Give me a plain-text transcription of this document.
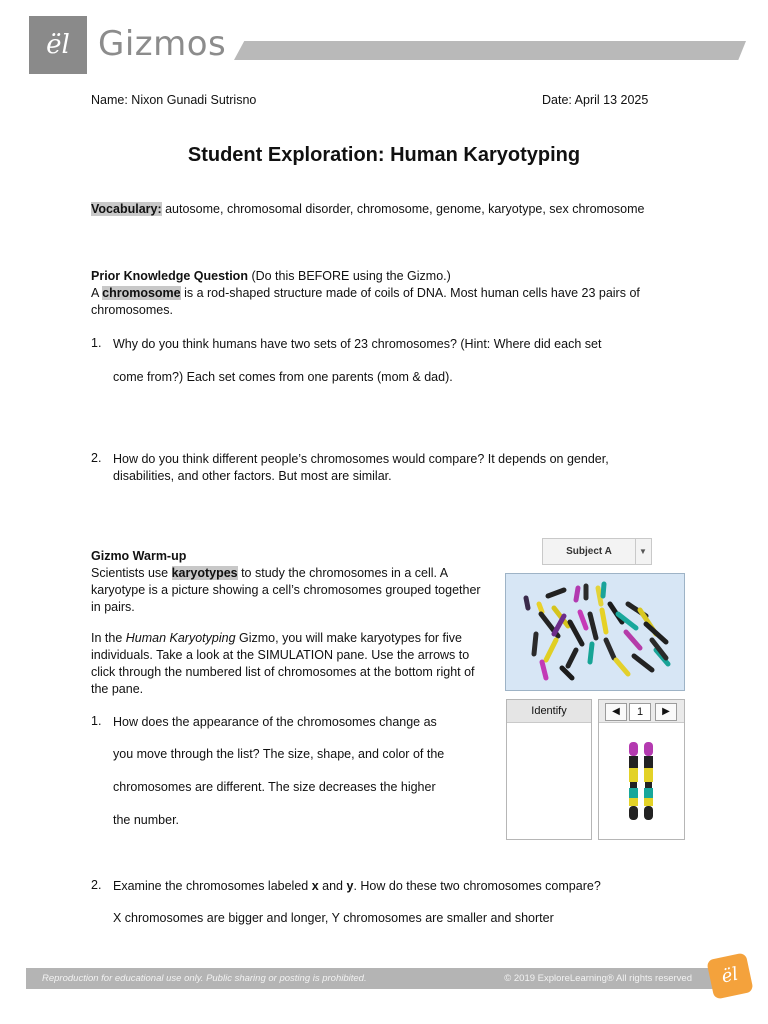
ël Gizmos
Name: Nixon Gunadi Sutrisno	Date: April 13 2025
Student Exploration: Human Karyotyping
Vocabulary: autosome, chromosomal disorder, chromosome, genome, karyotype, sex chromosome
Prior Knowledge Question (Do this BEFORE using the Gizmo.)
A chromosome is a rod-shaped structure made of coils of DNA. Most human cells have 23 pairs of chromosomes.
1. Why do you think humans have two sets of 23 chromosomes? (Hint: Where did each set
come from?) Each set comes from one parents (mom & dad).
2. How do you think different people’s chromosomes would compare? It depends on gender, disabilities, and other factors. But most are similar.
Gizmo Warm-up
Scientists use karyotypes to study the chromosomes in a cell. A karyotype is a picture showing a cell’s chromosomes grouped together in pairs.
In the Human Karyotyping Gizmo, you will make karyotypes for five individuals. Take a look at the SIMULATION pane. Use the arrows to click through the numbered list of chromosomes at the bottom right of the pane.
1. How does the appearance of the chromosomes change as
you move through the list? The size, shape, and color of the
chromosomes are different. The size decreases the higher
the number.
2. Examine the chromosomes labeled x and y. How do these two chromosomes compare?
X chromosomes are bigger and longer, Y chromosomes are smaller and shorter
Subject A	▼
Identify	◀	1	▶
Reproduction for educational use only. Public sharing or posting is prohibited.	© 2019 ExploreLearning® All rights reserved	ël
